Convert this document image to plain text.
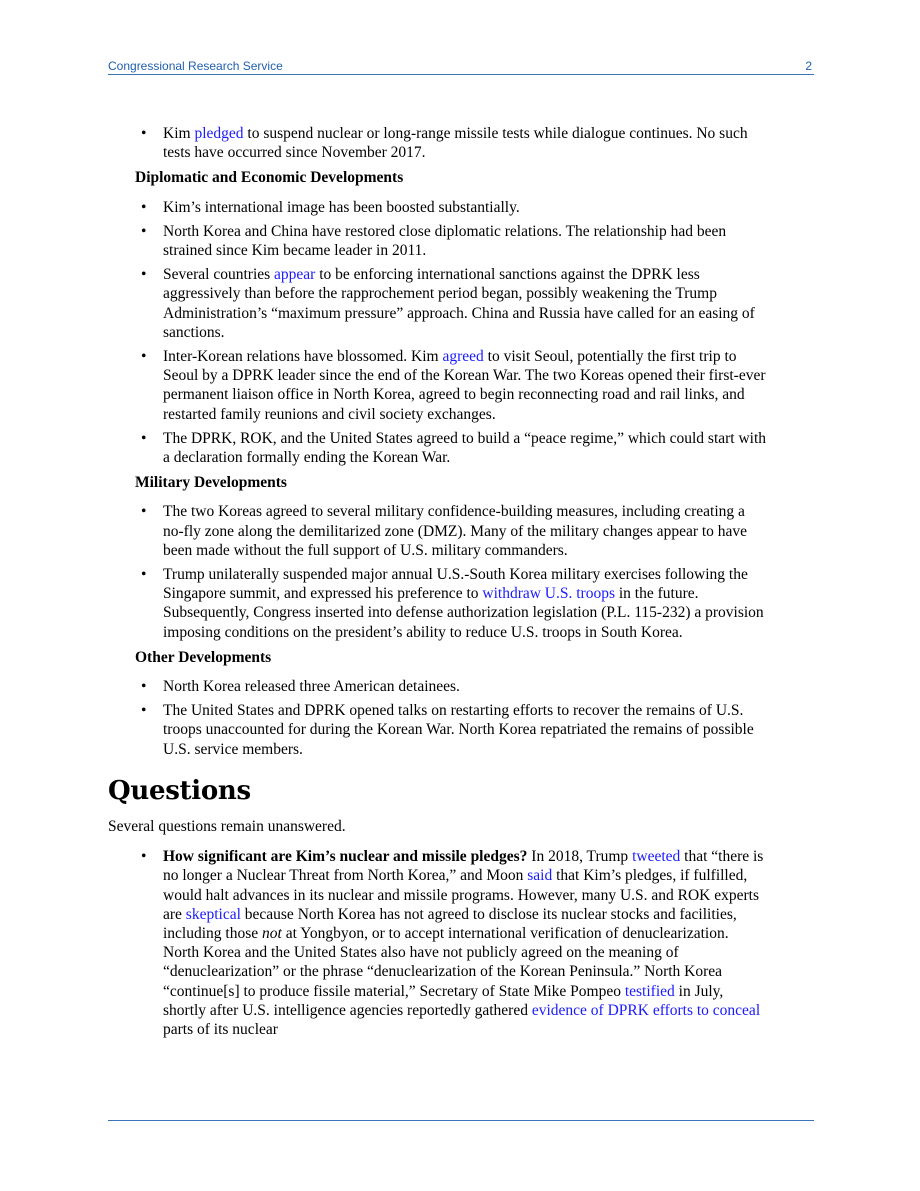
Congressional Research Service	2
• Kim pledged to suspend nuclear or long-range missile tests while dialogue continues. No such tests have occurred since November 2017.
Diplomatic and Economic Developments
• Kim’s international image has been boosted substantially.
• North Korea and China have restored close diplomatic relations. The relationship had been strained since Kim became leader in 2011.
• Several countries appear to be enforcing international sanctions against the DPRK less aggressively than before the rapprochement period began, possibly weakening the Trump Administration’s “maximum pressure” approach. China and Russia have called for an easing of sanctions.
• Inter-Korean relations have blossomed. Kim agreed to visit Seoul, potentially the first trip to Seoul by a DPRK leader since the end of the Korean War. The two Koreas opened their first-ever permanent liaison office in North Korea, agreed to begin reconnecting road and rail links, and restarted family reunions and civil society exchanges.
• The DPRK, ROK, and the United States agreed to build a “peace regime,” which could start with a declaration formally ending the Korean War.
Military Developments
• The two Koreas agreed to several military confidence-building measures, including creating a no-fly zone along the demilitarized zone (DMZ). Many of the military changes appear to have been made without the full support of U.S. military commanders.
• Trump unilaterally suspended major annual U.S.-South Korea military exercises following the Singapore summit, and expressed his preference to withdraw U.S. troops in the future. Subsequently, Congress inserted into defense authorization legislation (P.L. 115-232) a provision imposing conditions on the president’s ability to reduce U.S. troops in South Korea.
Other Developments
• North Korea released three American detainees.
• The United States and DPRK opened talks on restarting efforts to recover the remains of U.S. troops unaccounted for during the Korean War. North Korea repatriated the remains of possible U.S. service members.
Questions

Several questions remain unanswered.

• How significant are Kim’s nuclear and missile pledges? In 2018, Trump tweeted that “there is no longer a Nuclear Threat from North Korea,” and Moon said that Kim’s pledges, if fulfilled, would halt advances in its nuclear and missile programs. However, many U.S. and ROK experts are skeptical because North Korea has not agreed to disclose its nuclear stocks and facilities, including those not at Yongbyon, or to accept international verification of denuclearization. North Korea and the United States also have not publicly agreed on the meaning of “denuclearization” or the phrase “denuclearization of the Korean Peninsula.” North Korea “continue[s] to produce fissile material,” Secretary of State Mike Pompeo testified in July, shortly after U.S. intelligence agencies reportedly gathered evidence of DPRK efforts to conceal parts of its nuclear
